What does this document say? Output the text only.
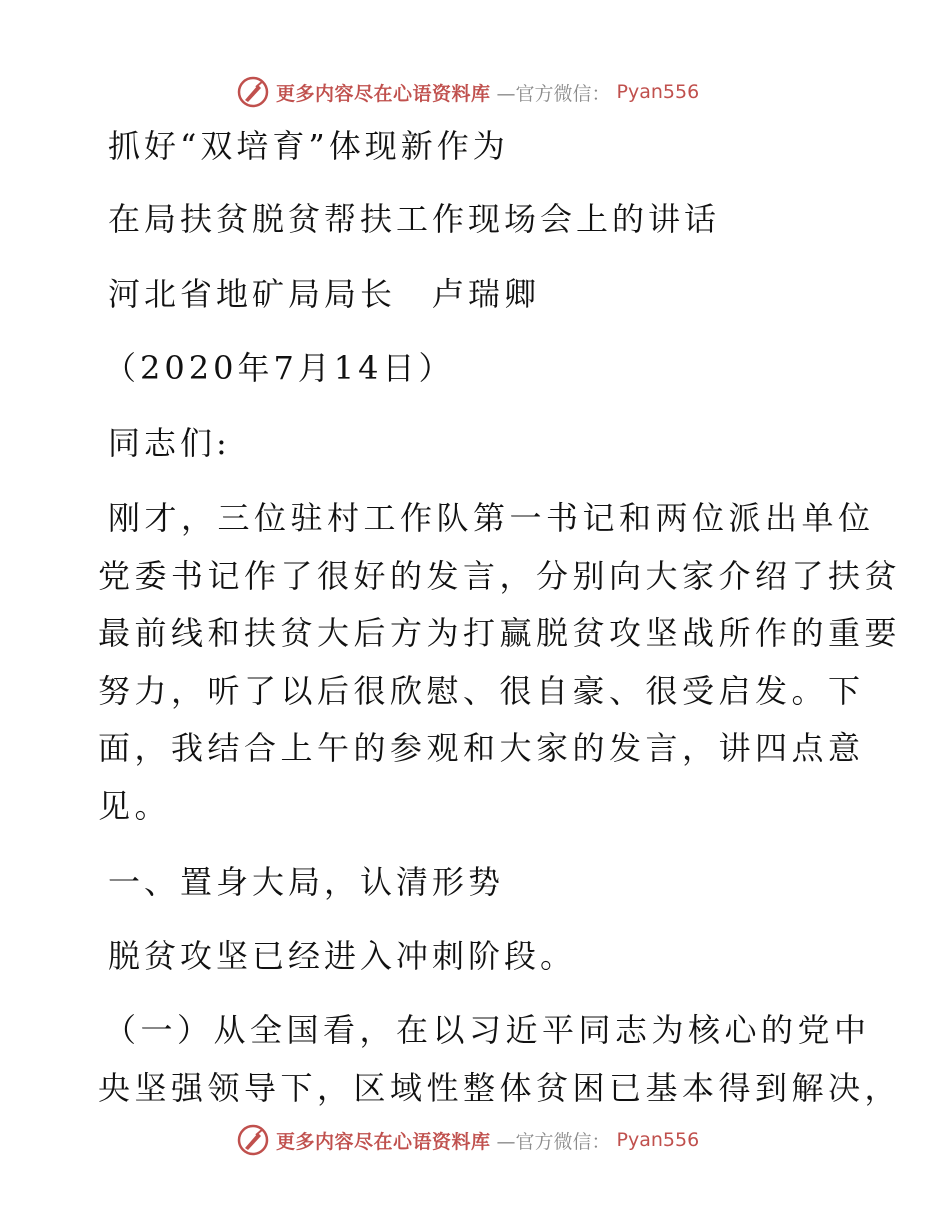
更多内容尽在心语资料库 —官方微信： Pyan556
抓好“双培育”体现新作为
在局扶贫脱贫帮扶工作现场会上的讲话
河北省地矿局局长　卢瑞卿
（2020年7月14日）
同志们:
刚才，三位驻村工作队第一书记和两位派出单位
党委书记作了很好的发言，分别向大家介绍了扶贫
最前线和扶贫大后方为打赢脱贫攻坚战所作的重要
努力，听了以后很欣慰、很自豪、很受启发。下
面，我结合上午的参观和大家的发言，讲四点意
见。
一、置身大局，认清形势
脱贫攻坚已经进入冲刺阶段。
（一）从全国看，在以习近平同志为核心的党中
央坚强领导下，区域性整体贫困已基本得到解决，
更多内容尽在心语资料库 —官方微信： Pyan556
